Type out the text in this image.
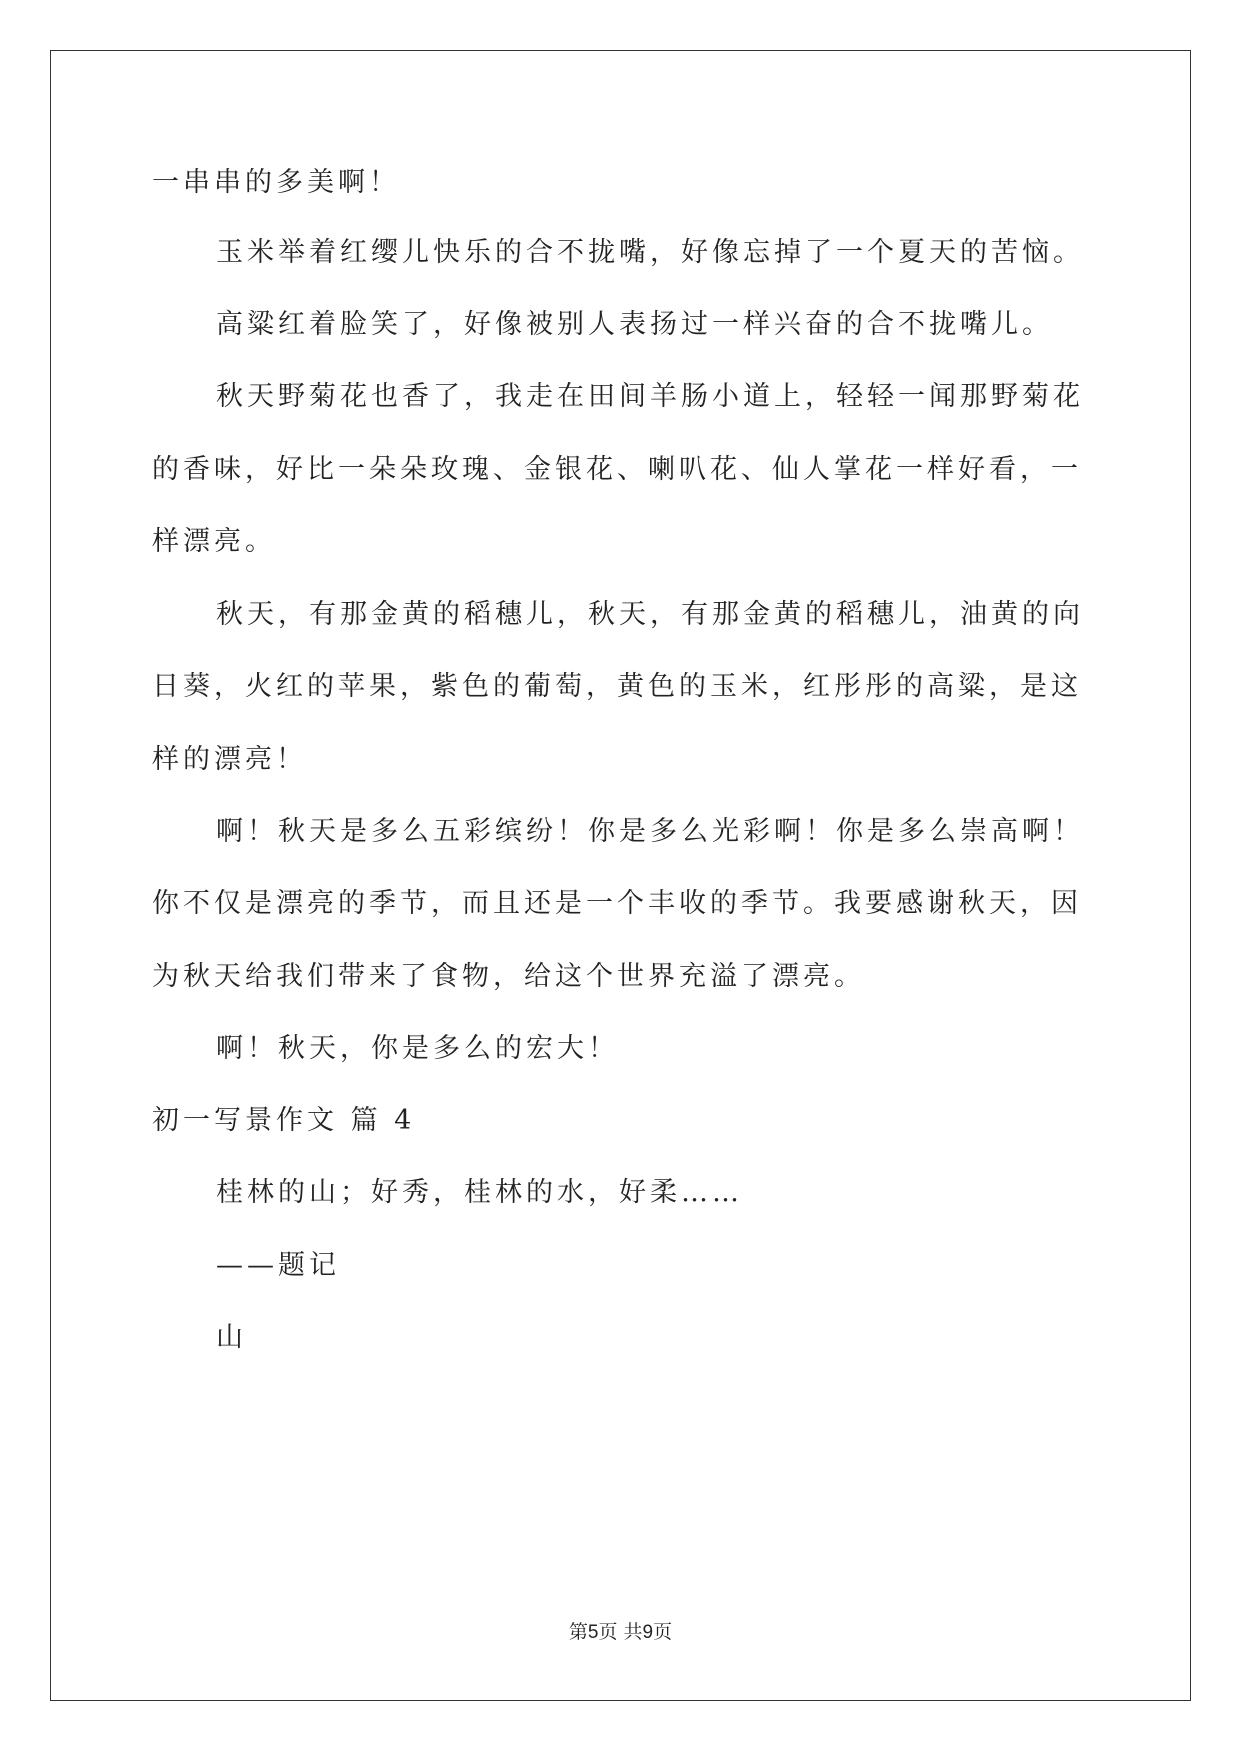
一串串的多美啊！
玉米举着红缨儿快乐的合不拢嘴，好像忘掉了一个夏天的苦恼。
高粱红着脸笑了，好像被别人表扬过一样兴奋的合不拢嘴儿。
秋天野菊花也香了，我走在田间羊肠小道上，轻轻一闻那野菊花
的香味，好比一朵朵玫瑰、金银花、喇叭花、仙人掌花一样好看，一
样漂亮。
秋天，有那金黄的稻穗儿，秋天，有那金黄的稻穗儿，油黄的向
日葵，火红的苹果，紫色的葡萄，黄色的玉米，红彤彤的高粱，是这
样的漂亮！
啊！秋天是多么五彩缤纷！你是多么光彩啊！你是多么崇高啊！
你不仅是漂亮的季节，而且还是一个丰收的季节。我要感谢秋天，因
为秋天给我们带来了食物，给这个世界充溢了漂亮。
啊！秋天，你是多么的宏大！
初一写景作文 篇 4
桂林的山；好秀，桂林的水，好柔……
——题记
山
第5页 共9页
